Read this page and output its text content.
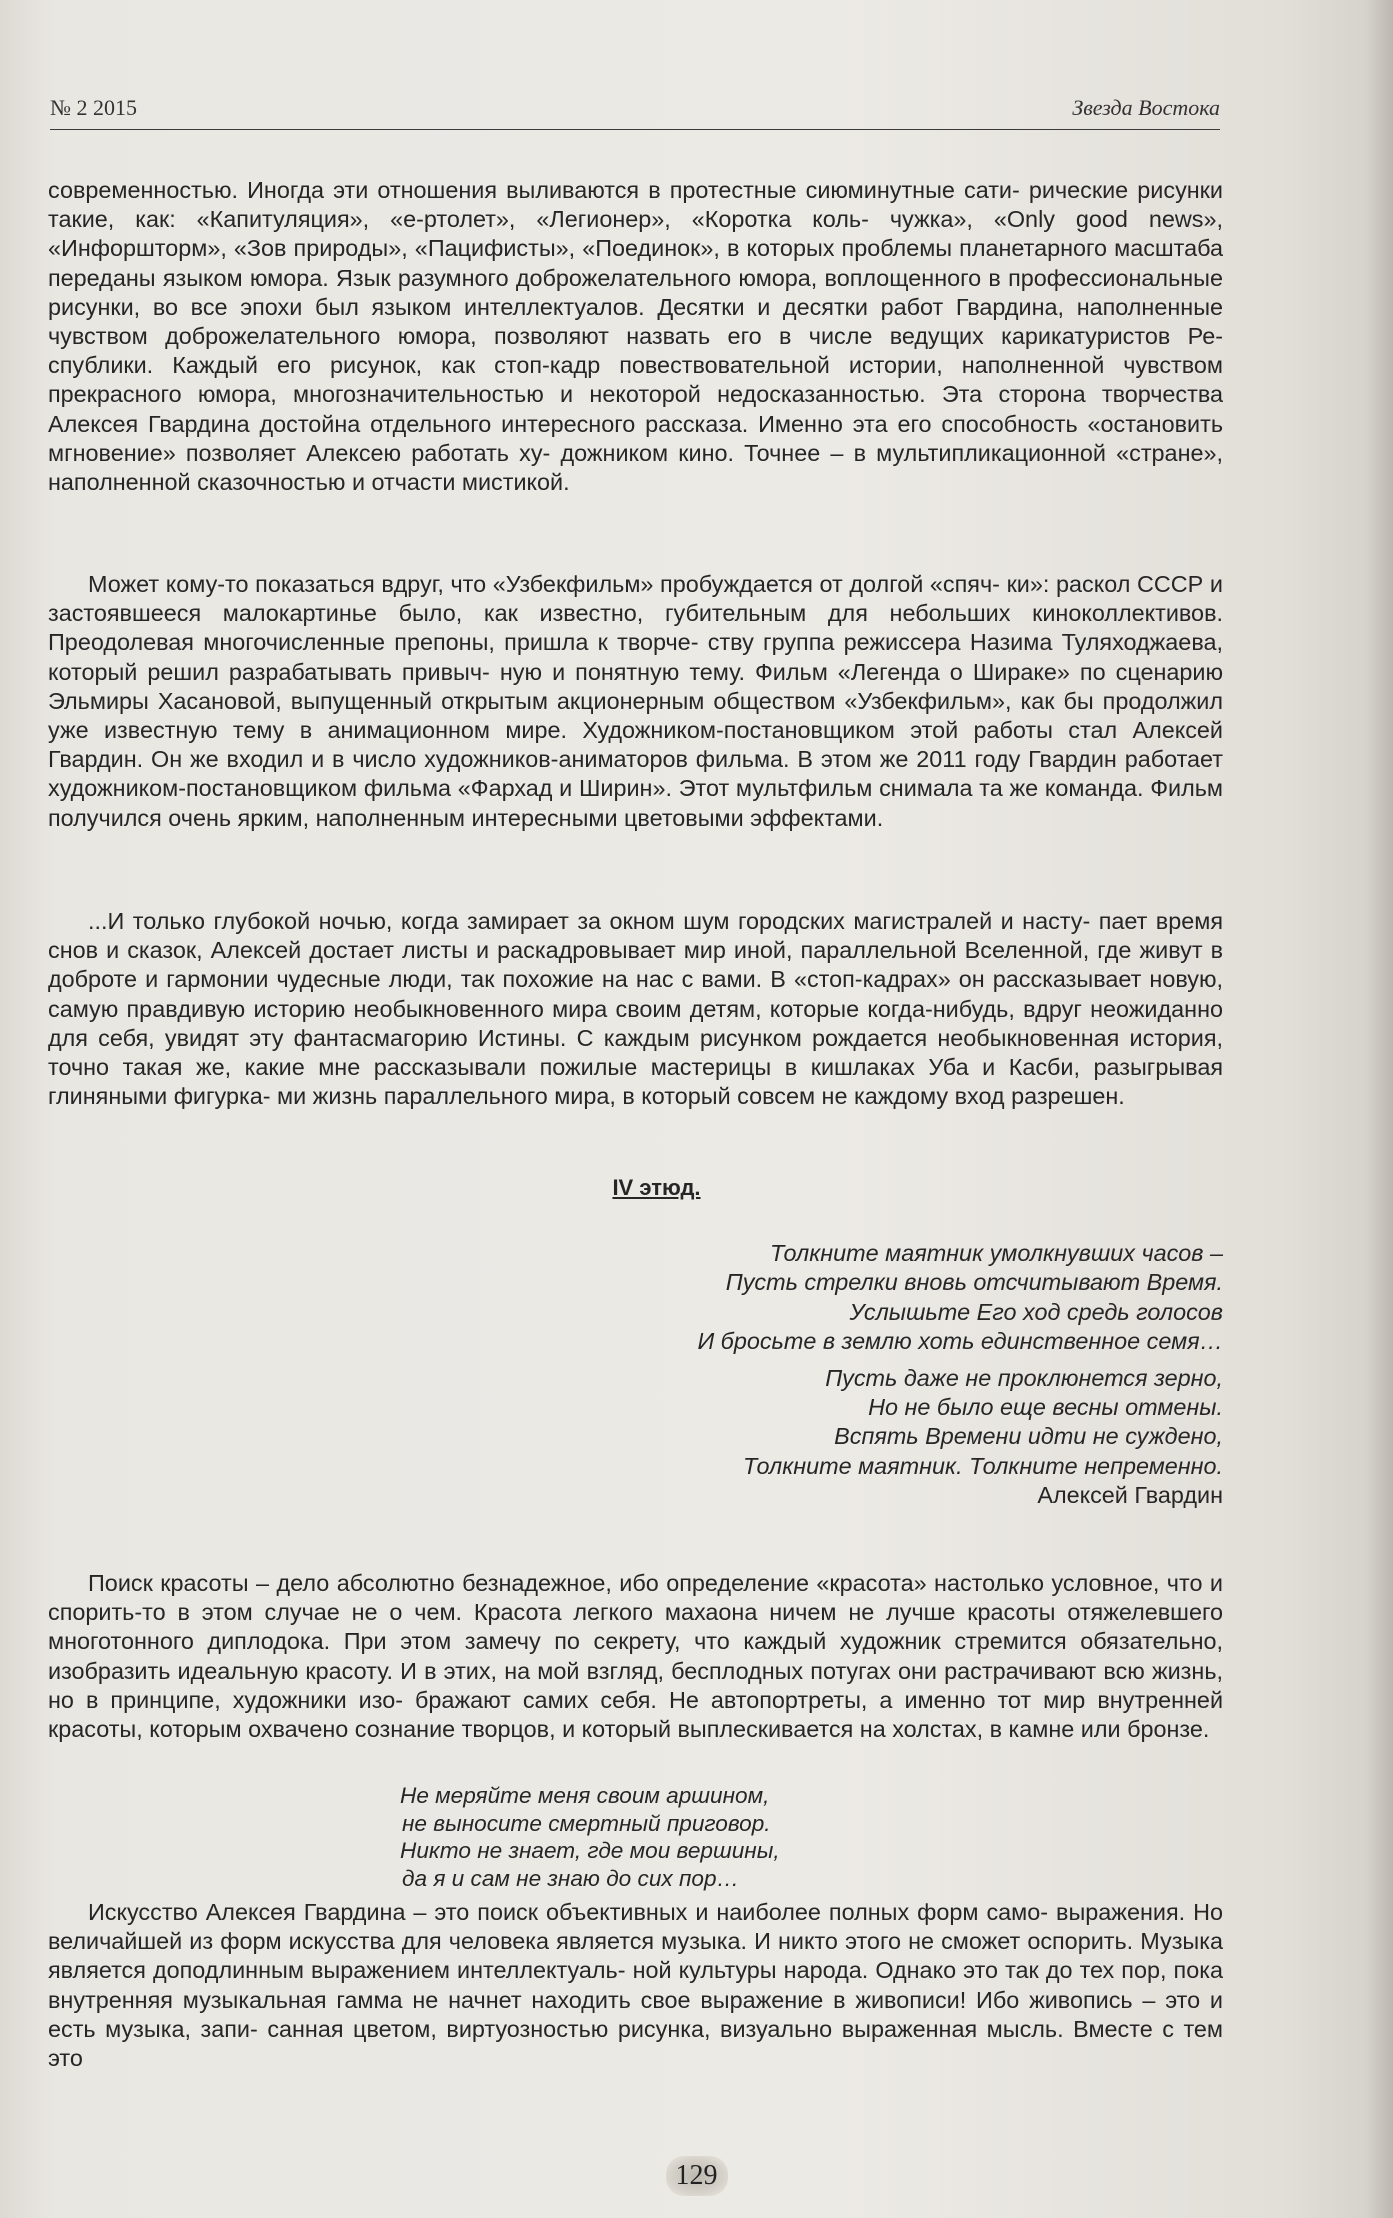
№ 2 2015	Звезда Востока

современностью. Иногда эти отношения выливаются в протестные сиюминутные сати- рические рисунки такие, как: «Капитуляция», «е-ртолет», «Легионер», «Коротка коль- чужка», «Only good news», «Инфоршторм», «Зов природы», «Пацифисты», «Поединок», в которых проблемы планетарного масштаба переданы языком юмора. Язык разумного доброжелательного юмора, воплощенного в профессиональные рисунки, во все эпохи был языком интеллектуалов. Десятки и десятки работ Гвардина, наполненные чувством доброжелательного юмора, позволяют назвать его в числе ведущих карикатуристов Ре- спублики. Каждый его рисунок, как стоп-кадр повествовательной истории, наполненной чувством прекрасного юмора, многозначительностью и некоторой недосказанностью. Эта сторона творчества Алексея Гвардина достойна отдельного интересного рассказа. Именно эта его способность «остановить мгновение» позволяет Алексею работать ху- дожником кино. Точнее – в мультипликационной «стране», наполненной сказочностью и отчасти мистикой.

Может кому-то показаться вдруг, что «Узбекфильм» пробуждается от долгой «спяч- ки»: раскол СССР и застоявшееся малокартинье было, как известно, губительным для небольших киноколлективов. Преодолевая многочисленные препоны, пришла к творче- ству группа режиссера Назима Туляходжаева, который решил разрабатывать привыч- ную и понятную тему. Фильм «Легенда о Шираке» по сценарию Эльмиры Хасановой, выпущенный открытым акционерным обществом «Узбекфильм», как бы продолжил уже известную тему в анимационном мире. Художником-постановщиком этой работы стал Алексей Гвардин. Он же входил и в число художников-аниматоров фильма. В этом же 2011 году Гвардин работает художником-постановщиком фильма «Фархад и Ширин». Этот мультфильм снимала та же команда. Фильм получился очень ярким, наполненным интересными цветовыми эффектами.

...И только глубокой ночью, когда замирает за окном шум городских магистралей и насту- пает время снов и сказок, Алексей достает листы и раскадровывает мир иной, параллельной Вселенной, где живут в доброте и гармонии чудесные люди, так похожие на нас с вами. В «стоп-кадрах» он рассказывает новую, самую правдивую историю необыкновенного мира своим детям, которые когда-нибудь, вдруг неожиданно для себя, увидят эту фантасмагорию Истины. С каждым рисунком рождается необыкновенная история, точно такая же, какие мне рассказывали пожилые мастерицы в кишлаках Уба и Касби, разыгрывая глиняными фигурка- ми жизнь параллельного мира, в который совсем не каждому вход разрешен.

IV этюд.
Толкните маятник умолкнувших часов –
Пусть стрелки вновь отсчитывают Время.
Услышьте Его ход средь голосов
И бросьте в землю хоть единственное семя…
Пусть даже не проклюнется зерно,
Но не было еще весны отмены.
Вспять Времени идти не суждено,
Толкните маятник. Толкните непременно.
Алексей Гвардин

Поиск красоты – дело абсолютно безнадежное, ибо определение «красота» настолько условное, что и спорить-то в этом случае не о чем. Красота легкого махаона ничем не лучше красоты отяжелевшего многотонного диплодока. При этом замечу по секрету, что каждый художник стремится обязательно, изобразить идеальную красоту. И в этих, на мой взгляд, бесплодных потугах они растрачивают всю жизнь, но в принципе, художники изо- бражают самих себя. Не автопортреты, а именно тот мир внутренней красоты, которым охвачено сознание творцов, и который выплескивается на холстах, в камне или бронзе.

Не меряйте меня своим аршином,
не выносите смертный приговор.
Никто не знает, где мои вершины,
да я и сам не знаю до сих пор…

Искусство Алексея Гвардина – это поиск объективных и наиболее полных форм само- выражения. Но величайшей из форм искусства для человека является музыка. И никто этого не сможет оспорить. Музыка является доподлинным выражением интеллектуаль- ной культуры народа. Однако это так до тех пор, пока внутренняя музыкальная гамма не начнет находить свое выражение в живописи! Ибо живопись – это и есть музыка, запи- санная цветом, виртуозностью рисунка, визуально выраженная мысль. Вместе с тем это

129
